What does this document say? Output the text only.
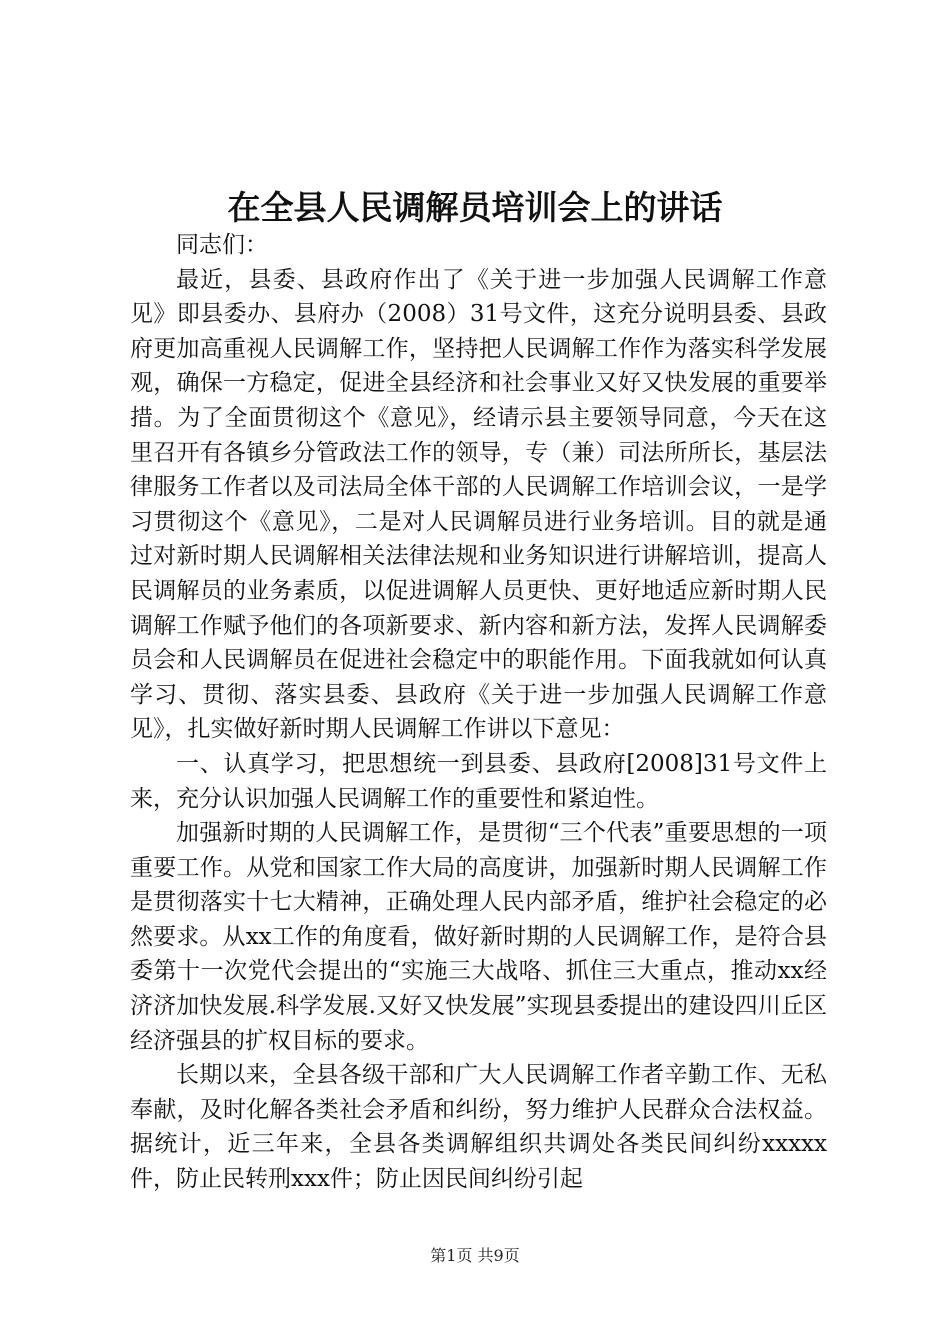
在全县人民调解员培训会上的讲话

同志们：

最近，县委、县政府作出了《关于进一步加强人民调解工作意见》即县委办、县府办（2008）31号文件，这充分说明县委、县政府更加高重视人民调解工作，坚持把人民调解工作作为落实科学发展观，确保一方稳定，促进全县经济和社会事业又好又快发展的重要举措。为了全面贯彻这个《意见》，经请示县主要领导同意，今天在这里召开有各镇乡分管政法工作的领导，专（兼）司法所所长，基层法律服务工作者以及司法局全体干部的人民调解工作培训会议，一是学习贯彻这个《意见》，二是对人民调解员进行业务培训。目的就是通过对新时期人民调解相关法律法规和业务知识进行讲解培训，提高人民调解员的业务素质，以促进调解人员更快、更好地适应新时期人民调解工作赋予他们的各项新要求、新内容和新方法，发挥人民调解委员会和人民调解员在促进社会稳定中的职能作用。下面我就如何认真学习、贯彻、落实县委、县政府《关于进一步加强人民调解工作意见》，扎实做好新时期人民调解工作讲以下意见：

一、认真学习，把思想统一到县委、县政府[2008]31号文件上来，充分认识加强人民调解工作的重要性和紧迫性。

加强新时期的人民调解工作，是贯彻“三个代表”重要思想的一项重要工作。从党和国家工作大局的高度讲，加强新时期人民调解工作是贯彻落实十七大精神，正确处理人民内部矛盾，维护社会稳定的必然要求。从xx工作的角度看，做好新时期的人民调解工作，是符合县委第十一次党代会提出的“实施三大战咯、抓住三大重点，推动xx经济济加快发展.科学发展.又好又快发展”实现县委提出的建设四川丘区经济强县的扩权目标的要求。

长期以来，全县各级干部和广大人民调解工作者辛勤工作、无私奉献，及时化解各类社会矛盾和纠纷，努力维护人民群众合法权益。据统计，近三年来，全县各类调解组织共调处各类民间纠纷xxxxx件，防止民转刑xxx件；防止因民间纠纷引起

第1页 共9页
